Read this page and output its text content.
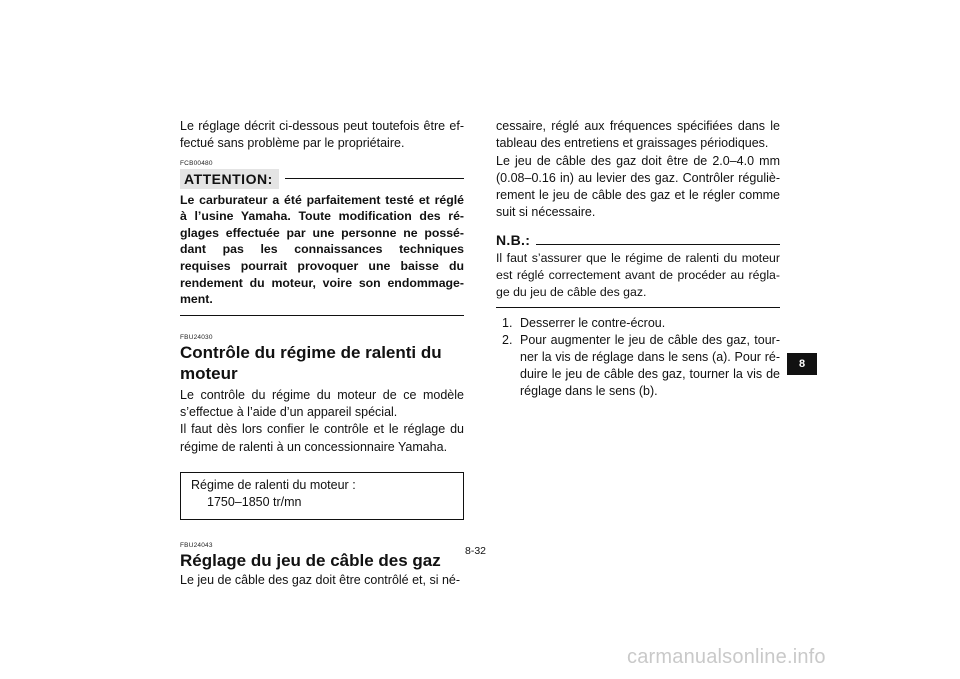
Le réglage décrit ci-dessous peut toutefois être ef-fectué sans problème par le propriétaire.

FCB00480
ATTENTION:
Le carburateur a été parfaitement testé et réglé à l’usine Yamaha. Toute modification des ré-glages effectuée par une personne ne possé-dant pas les connaissances techniques requises pourrait provoquer une baisse du rendement du moteur, voire son endommage-ment.
FBU24030
Contrôle du régime de ralenti du moteur

Le contrôle du régime du moteur de ce modèle s’effectue à l’aide d’un appareil spécial.

Il faut dès lors confier le contrôle et le réglage du régime de ralenti à un concessionnaire Yamaha.

Régime de ralenti du moteur :
1750–1850 tr/mn
FBU24043
Réglage du jeu de câble des gaz

Le jeu de câble des gaz doit être contrôlé et, si né-

cessaire, réglé aux fréquences spécifiées dans le tableau des entretiens et graissages périodiques.

Le jeu de câble des gaz doit être de 2.0–4.0 mm (0.08–0.16 in) au levier des gaz. Contrôler réguliè-rement le jeu de câble des gaz et le régler comme suit si nécessaire.

N.B.:

Il faut s’assurer que le régime de ralenti du moteur est réglé correctement avant de procéder au régla-ge du jeu de câble des gaz.

1. Desserrer le contre-écrou.
2. Pour augmenter le jeu de câble des gaz, tour-ner la vis de réglage dans le sens (a). Pour ré-duire le jeu de câble des gaz, tourner la vis de réglage dans le sens (b).
8
8-32
carmanualsonline.info
